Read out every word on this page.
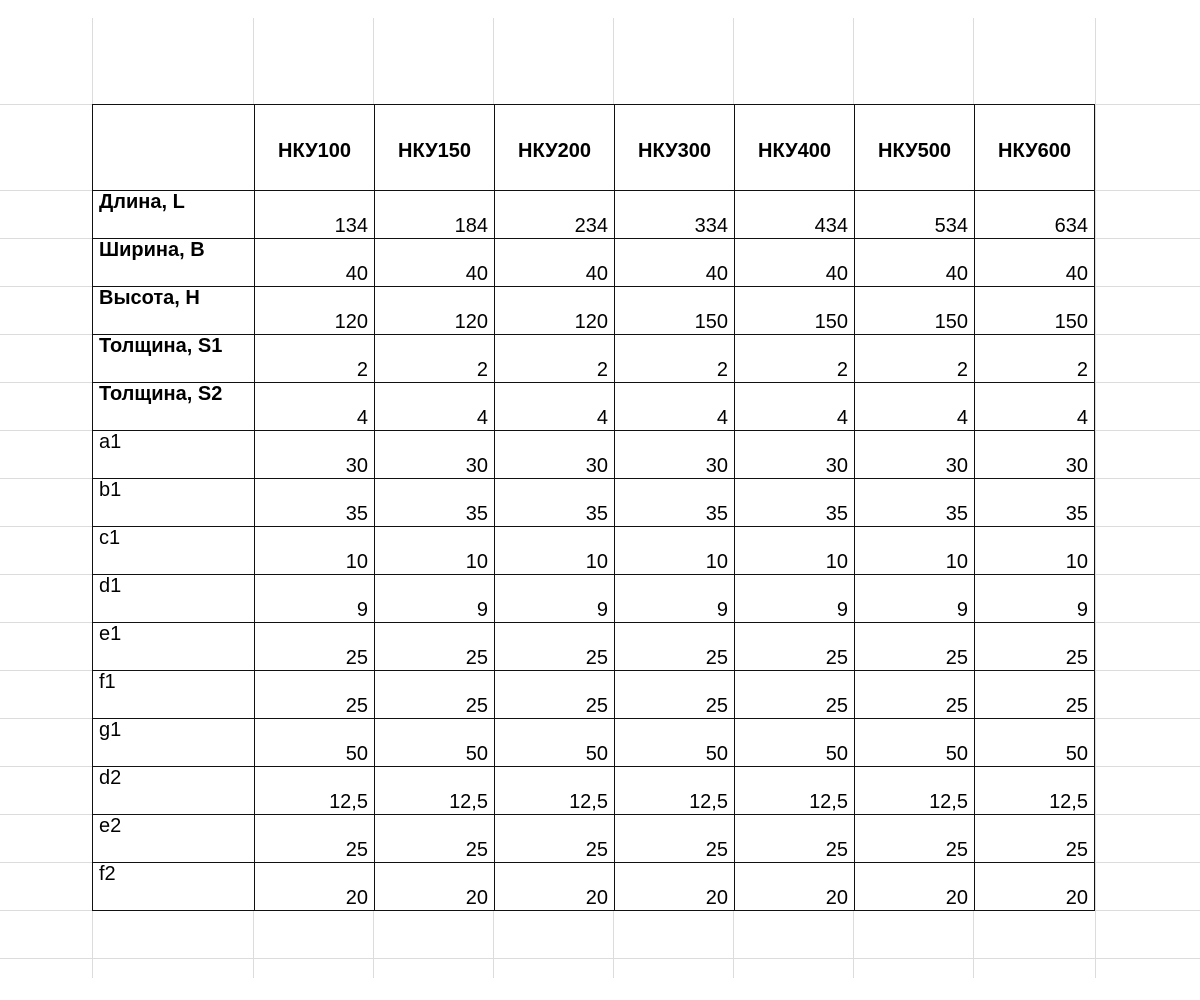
	НКУ100	НКУ150	НКУ200	НКУ300	НКУ400	НКУ500	НКУ600
Длина, L	134	184	234	334	434	534	634
Ширина, B	40	40	40	40	40	40	40
Высота, H	120	120	120	150	150	150	150
Толщина, S1	2	2	2	2	2	2	2
Толщина, S2	4	4	4	4	4	4	4
a1	30	30	30	30	30	30	30
b1	35	35	35	35	35	35	35
c1	10	10	10	10	10	10	10
d1	9	9	9	9	9	9	9
e1	25	25	25	25	25	25	25
f1	25	25	25	25	25	25	25
g1	50	50	50	50	50	50	50
d2	12,5	12,5	12,5	12,5	12,5	12,5	12,5
e2	25	25	25	25	25	25	25
f2	20	20	20	20	20	20	20
